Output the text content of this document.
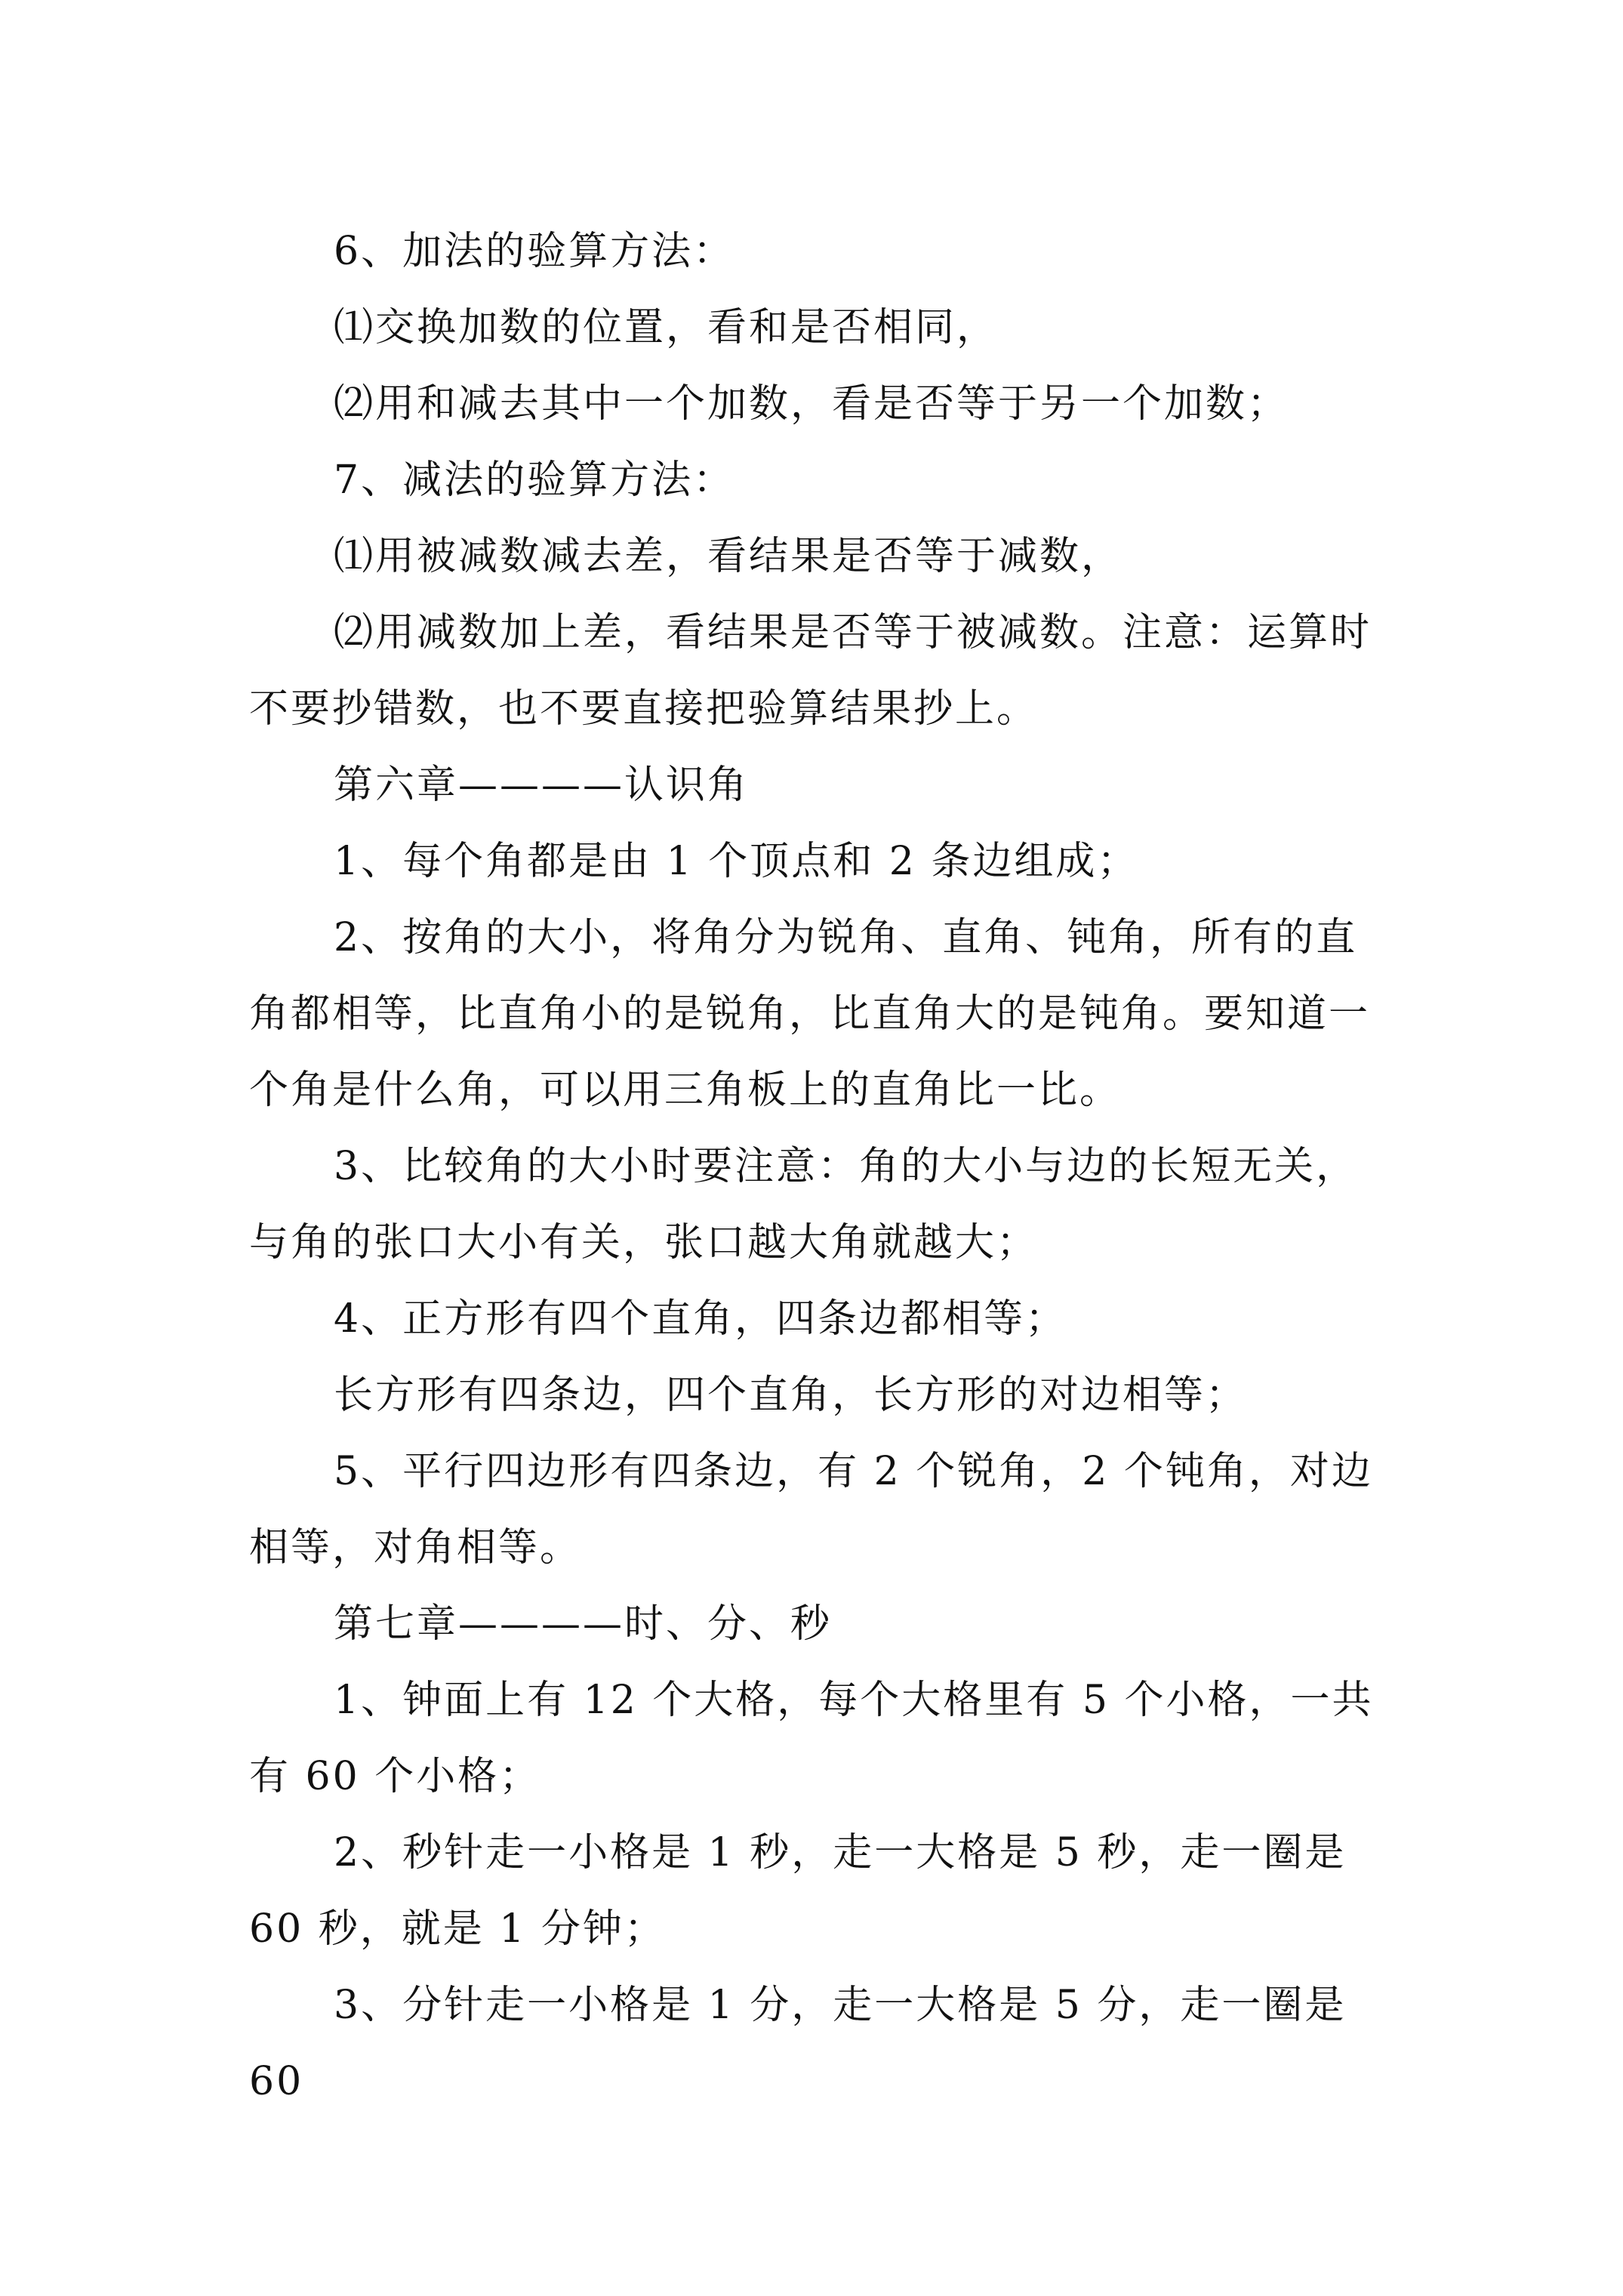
6、加法的验算方法：

⑴交换加数的位置，看和是否相同，

⑵用和减去其中一个加数，看是否等于另一个加数；

7、减法的验算方法：

⑴用被减数减去差，看结果是否等于减数，

⑵用减数加上差，看结果是否等于被减数。注意：运算时不要抄错数，也不要直接把验算结果抄上。

第六章————认识角

1、每个角都是由 1 个顶点和 2 条边组成；

2、按角的大小，将角分为锐角、直角、钝角，所有的直角都相等，比直角小的是锐角，比直角大的是钝角。要知道一个角是什么角，可以用三角板上的直角比一比。

3、比较角的大小时要注意：角的大小与边的长短无关，与角的张口大小有关，张口越大角就越大；

4、正方形有四个直角，四条边都相等；

长方形有四条边，四个直角，长方形的对边相等；

5、平行四边形有四条边，有 2 个锐角，2 个钝角，对边相等，对角相等。

第七章————时、分、秒

1、钟面上有 12 个大格，每个大格里有 5 个小格，一共有 60 个小格；

2、秒针走一小格是 1 秒，走一大格是 5 秒，走一圈是 60 秒，就是 1 分钟；

3、分针走一小格是 1 分，走一大格是 5 分，走一圈是 60
